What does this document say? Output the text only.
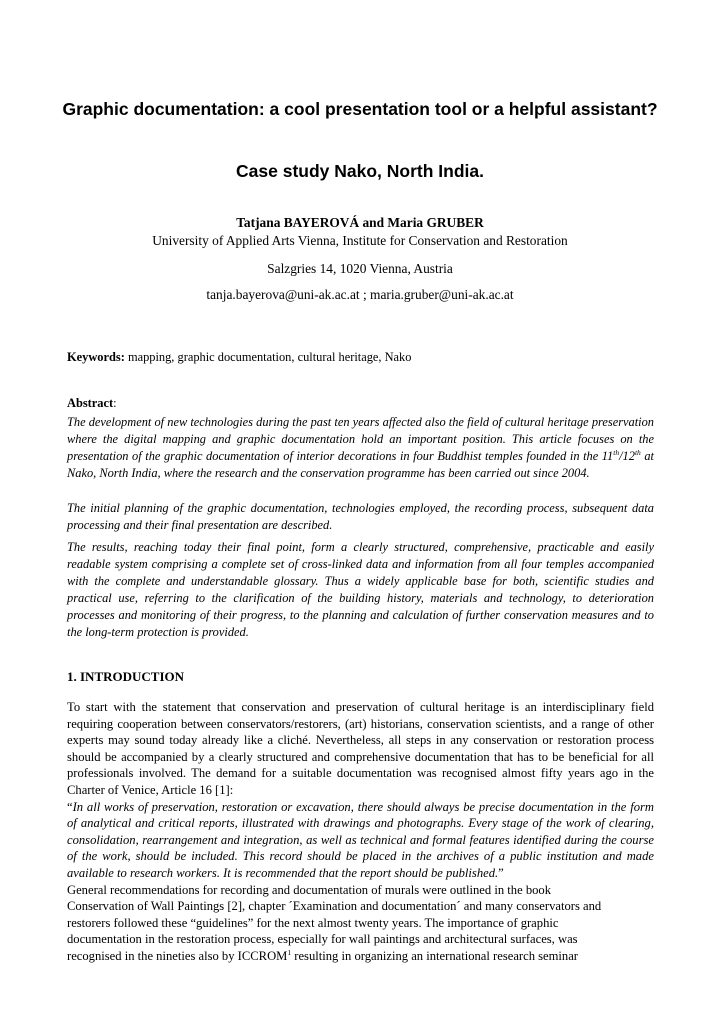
Graphic documentation: a cool presentation tool or a helpful assistant?
Case study Nako, North India.

Tatjana BAYEROVÁ and Maria GRUBER

University of Applied Arts Vienna, Institute for Conservation and Restoration

Salzgries 14, 1020 Vienna, Austria

tanja.bayerova@uni-ak.ac.at ; maria.gruber@uni-ak.ac.at

Keywords: mapping, graphic documentation, cultural heritage, Nako

Abstract:

The development of new technologies during the past ten years affected also the field of cultural heritage preservation where the digital mapping and graphic documentation hold an important position. This article focuses on the presentation of the graphic documentation of interior decorations in four Buddhist temples founded in the 11th/12th at Nako, North India, where the research and the conservation programme has been carried out since 2004.

The initial planning of the graphic documentation, technologies employed, the recording process, subsequent data processing and their final presentation are described.

The results, reaching today their final point, form a clearly structured, comprehensive, practicable and easily readable system comprising a complete set of cross-linked data and information from all four temples accompanied with the complete and understandable glossary. Thus a widely applicable base for both, scientific studies and practical use, referring to the clarification of the building history, materials and technology, to deterioration processes and monitoring of their progress, to the planning and calculation of further conservation measures and to the long-term protection is provided.

1. INTRODUCTION

To start with the statement that conservation and preservation of cultural heritage is an interdisciplinary field requiring cooperation between conservators/restorers, (art) historians, conservation scientists, and a range of other experts may sound today already like a cliché. Nevertheless, all steps in any conservation or restoration process should be accompanied by a clearly structured and comprehensive documentation that has to be beneficial for all professionals involved. The demand for a suitable documentation was recognised almost fifty years ago in the Charter of Venice, Article 16 [1]:

“In all works of preservation, restoration or excavation, there should always be precise documentation in the form of analytical and critical reports, illustrated with drawings and photographs. Every stage of the work of clearing, consolidation, rearrangement and integration, as well as technical and formal features identified during the course of the work, should be included. This record should be placed in the archives of a public institution and made available to research workers. It is recommended that the report should be published.”

General recommendations for recording and documentation of murals were outlined in the book
Conservation of Wall Paintings [2], chapter ´Examination and documentation´ and many conservators and
restorers followed these “guidelines” for the next almost twenty years. The importance of graphic
documentation in the restoration process, especially for wall paintings and architectural surfaces, was
recognised in the nineties also by ICCROM$^1$ resulting in organizing an international research seminar
